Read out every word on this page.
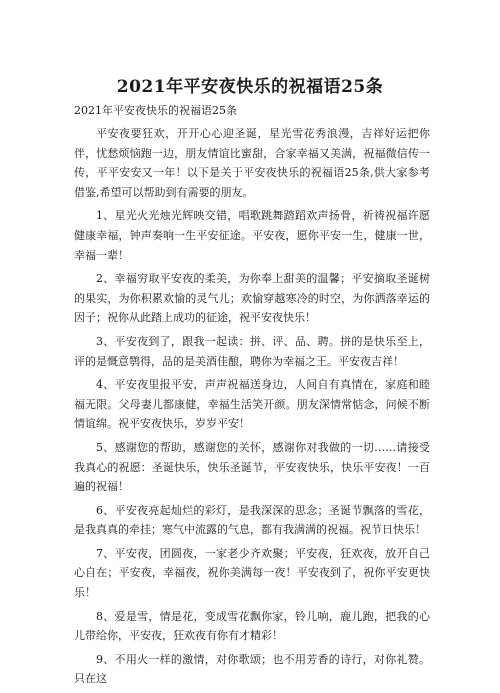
2021年平安夜快乐的祝福语25条
2021年平安夜快乐的祝福语25条

平安夜要狂欢，开开心心迎圣诞，星光雪花秀浪漫，吉祥好运把你伴，忧愁烦恼跑一边，朋友情谊比蜜甜，合家幸福又美满，祝福微信传一传，平平安安又一年！以下是关于平安夜快乐的祝福语25条,供大家参考借鉴,希望可以帮助到有需要的朋友。

1、星光火光烛光辉映交错，唱歌跳舞踏蹈欢声扬骨，祈祷祝福许愿健康幸福，钟声奏响一生平安征途。平安夜，愿你平安一生，健康一世，幸福一辈！

2、幸福穷取平安夜的柔美，为你奉上甜美的温馨；平安摘取圣诞树的果实，为你积累欢愉的灵气儿；欢愉穿越寒冷的时空，为你洒落幸运的因子；祝你从此踏上成功的征途，祝平安夜快乐！

3、平安夜到了，跟我一起读：拼、评、品、聘。拼的是快乐至上，评的是慨意鹗得，品的是美酒佳酿，聘你为幸福之王。平安夜吉祥！

4、平安夜里报平安，声声祝福送身边，人间自有真情在，家庭和睦福无限。父母妻儿都康健，幸福生活笑开颜。朋友深情常惦念，问候不断情谊绵。祝平安夜快乐，岁岁平安！

5、感谢您的帮助，感谢您的关怀，感谢你对我做的一切……请接受我真心的祝愿：圣诞快乐，快乐圣诞节，平安夜快乐，快乐平安夜！一百遍的祝福！

6、平安夜亮起灿烂的彩灯，是我深深的思念；圣诞节飘落的雪花，是我真真的牵挂；寒气中流露的气息，都有我满满的祝福。祝节日快乐！

7、平安夜，团圆夜，一家老少齐欢聚；平安夜，狂欢夜，放开自己心自在；平安夜，幸福夜，祝你美满每一夜！平安夜到了，祝你平安更快乐！

8、爱是雪，情是花，变成雪花飘你家，铃儿响，鹿儿跑，把我的心儿带给你，平安夜，狂欢夜有你有才精彩！

9、不用火一样的激情，对你歌颂；也不用芳香的诗行，对你礼赞。只在这
